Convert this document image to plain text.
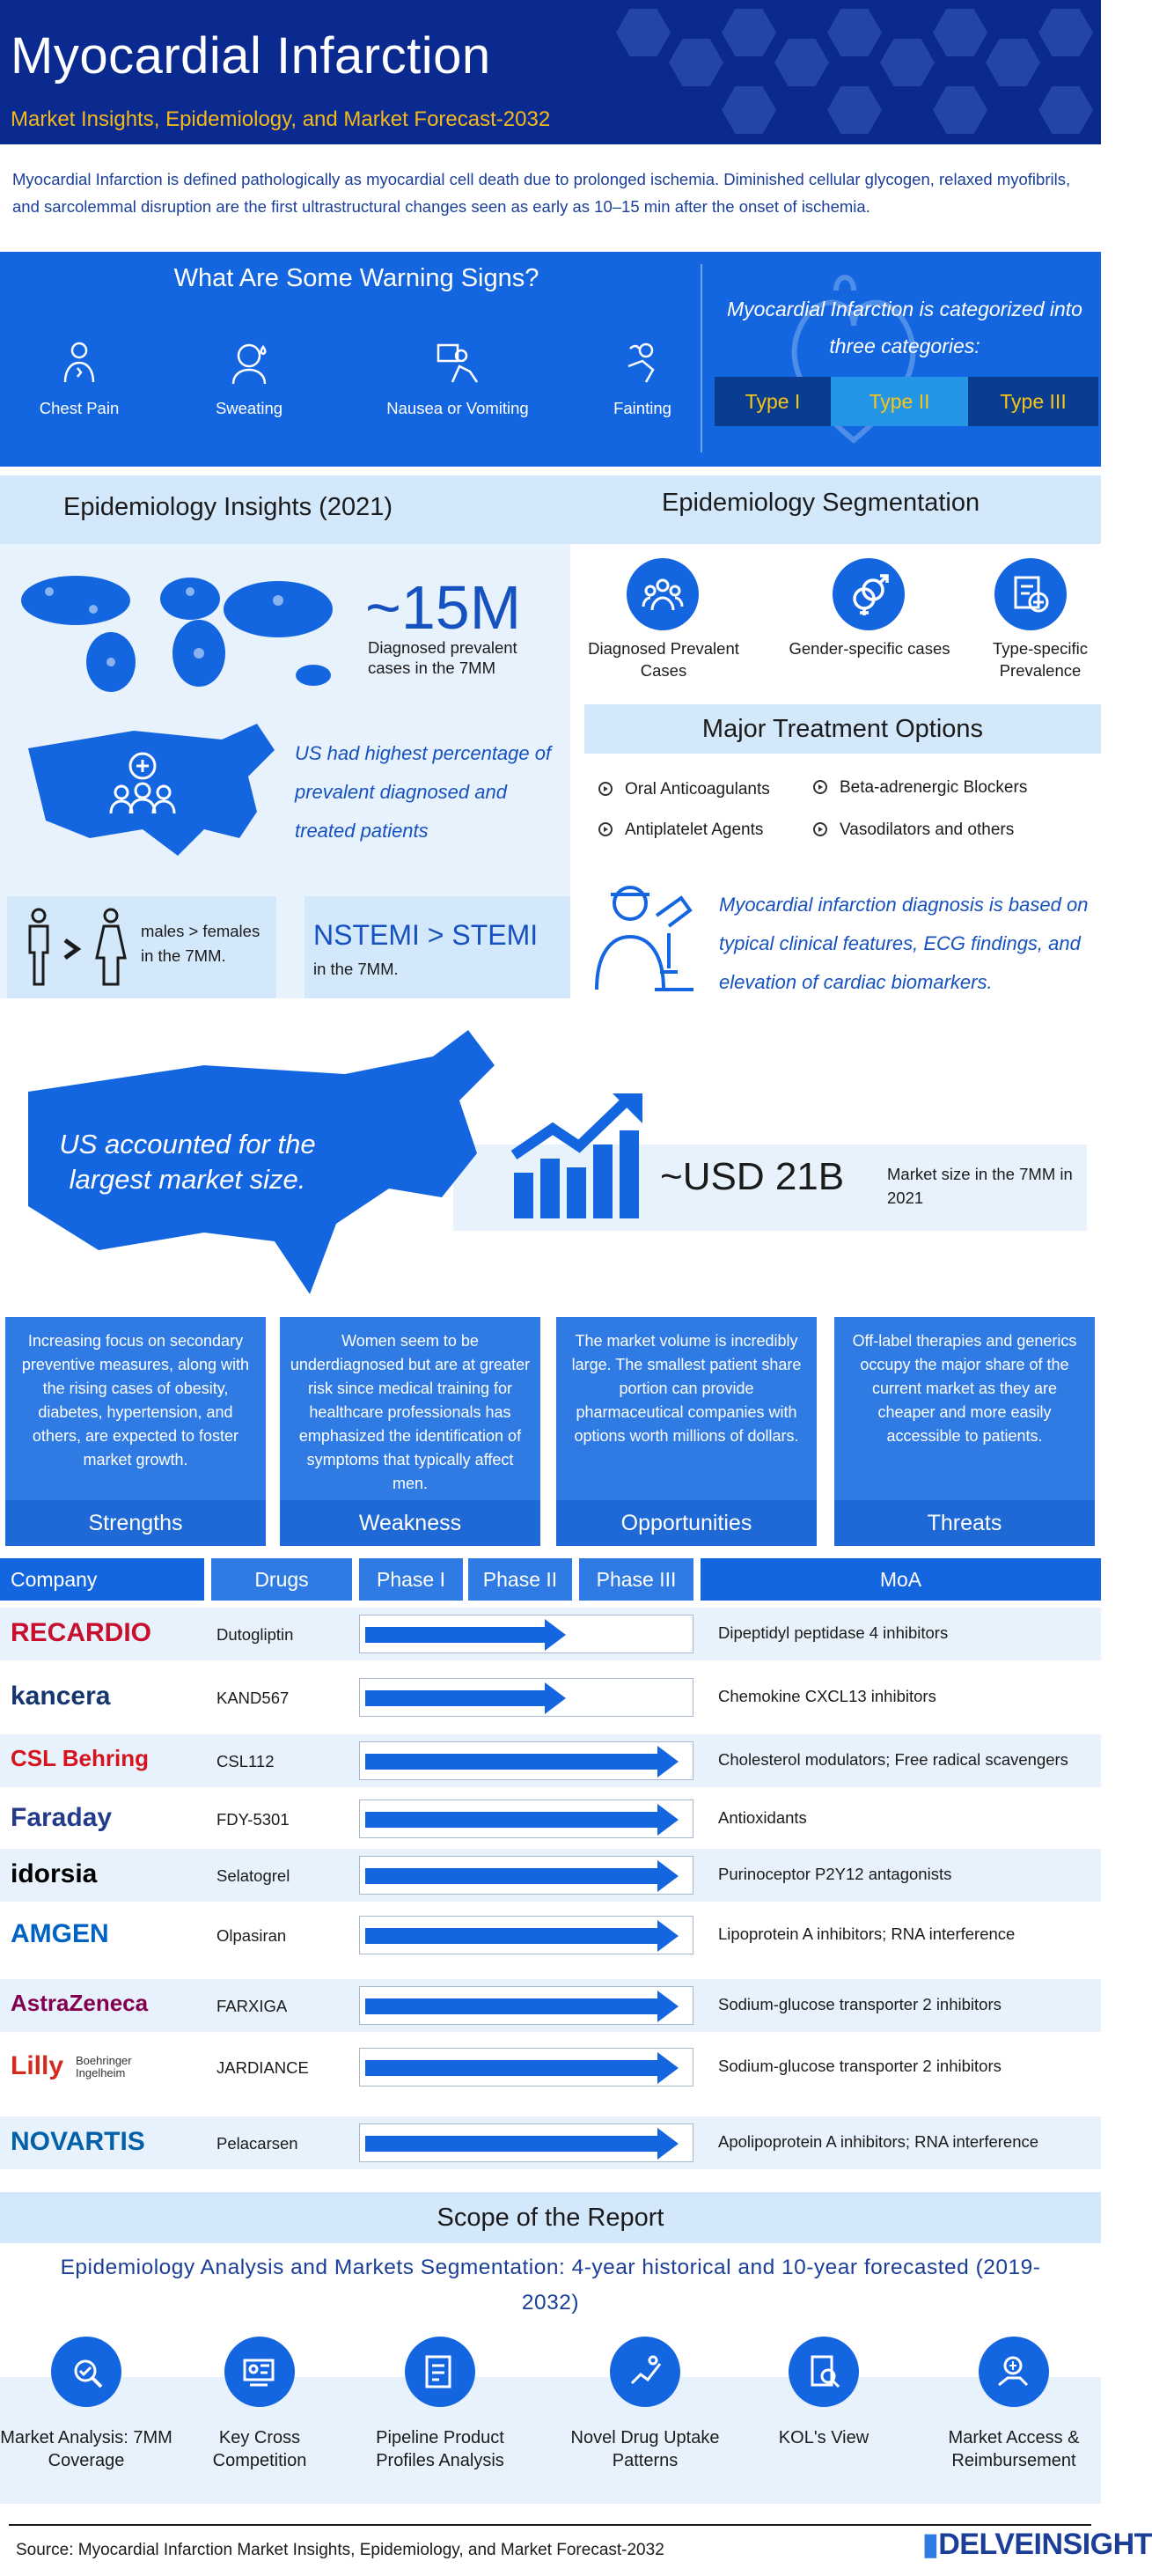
Myocardial Infarction
Market Insights, Epidemiology, and Market Forecast-2032
Myocardial Infarction is defined pathologically as myocardial cell death due to prolonged ischemia. Diminished cellular glycogen, relaxed myofibrils, and sarcolemmal disruption are the first ultrastructural changes seen as early as 10–15 min after the onset of ischemia.
What Are Some Warning Signs?
Chest Pain	Sweating	Nausea or Vomiting	Fainting
Myocardial Infarction is categorized into three categories:
Type I	Type II	Type III
Epidemiology Insights (2021)	Epidemiology Segmentation
~15M
Diagnosed prevalent cases in the 7MM
US had highest percentage of prevalent diagnosed and treated patients
males > females in the 7MM.
NSTEMI > STEMI
in the 7MM.
Diagnosed Prevalent Cases
Gender-specific cases	Type-specific Prevalence
Major Treatment Options
Oral Anticoagulants	Beta-adrenergic Blockers
Antiplatelet Agents	Vasodilators and others
Myocardial infarction diagnosis is based on typical clinical features, ECG findings, and elevation of cardiac biomarkers.
US accounted for the largest market size.	~USD 21B	Market size in the 7MM in 2021
Increasing focus on secondary preventive measures, along with the rising cases of obesity, diabetes, hypertension, and others, are expected to foster market growth.
Strengths
Women seem to be underdiagnosed but are at greater risk since medical training for healthcare professionals has emphasized the identification of symptoms that typically affect men.
Weakness
The market volume is incredibly large. The smallest patient share portion can provide pharmaceutical companies with options worth millions of dollars.
Opportunities
Off-label therapies and generics occupy the major share of the current market as they are cheaper and more easily accessible to patients.
Threats
Company	Drugs	Phase I	Phase II	Phase III	MoA
RECARDIO	Dutogliptin	Dipeptidyl peptidase 4 inhibitors
kancera	KAND567	Chemokine CXCL13 inhibitors
CSL Behring	CSL112	Cholesterol modulators; Free radical scavengers
Faraday	FDY-5301	Antioxidants
idorsia	Selatogrel	Purinoceptor P2Y12 antagonists
AMGEN	Olpasiran	Lipoprotein A inhibitors; RNA interference
AstraZeneca	FARXIGA	Sodium-glucose transporter 2 inhibitors
Lilly Boehringer Ingelheim	JARDIANCE	Sodium-glucose transporter 2 inhibitors
NOVARTIS	Pelacarsen	Apolipoprotein A inhibitors; RNA interference
Scope of the Report
Epidemiology Analysis and Markets Segmentation: 4-year historical and 10-year forecasted (2019-2032)
Market Analysis: 7MM Coverage
Key Cross Competition
Pipeline Product Profiles Analysis
Novel Drug Uptake Patterns
KOL's View	Market Access & Reimbursement
Source: Myocardial Infarction Market Insights, Epidemiology, and Market Forecast-2032	▮DELVEINSIGHT
